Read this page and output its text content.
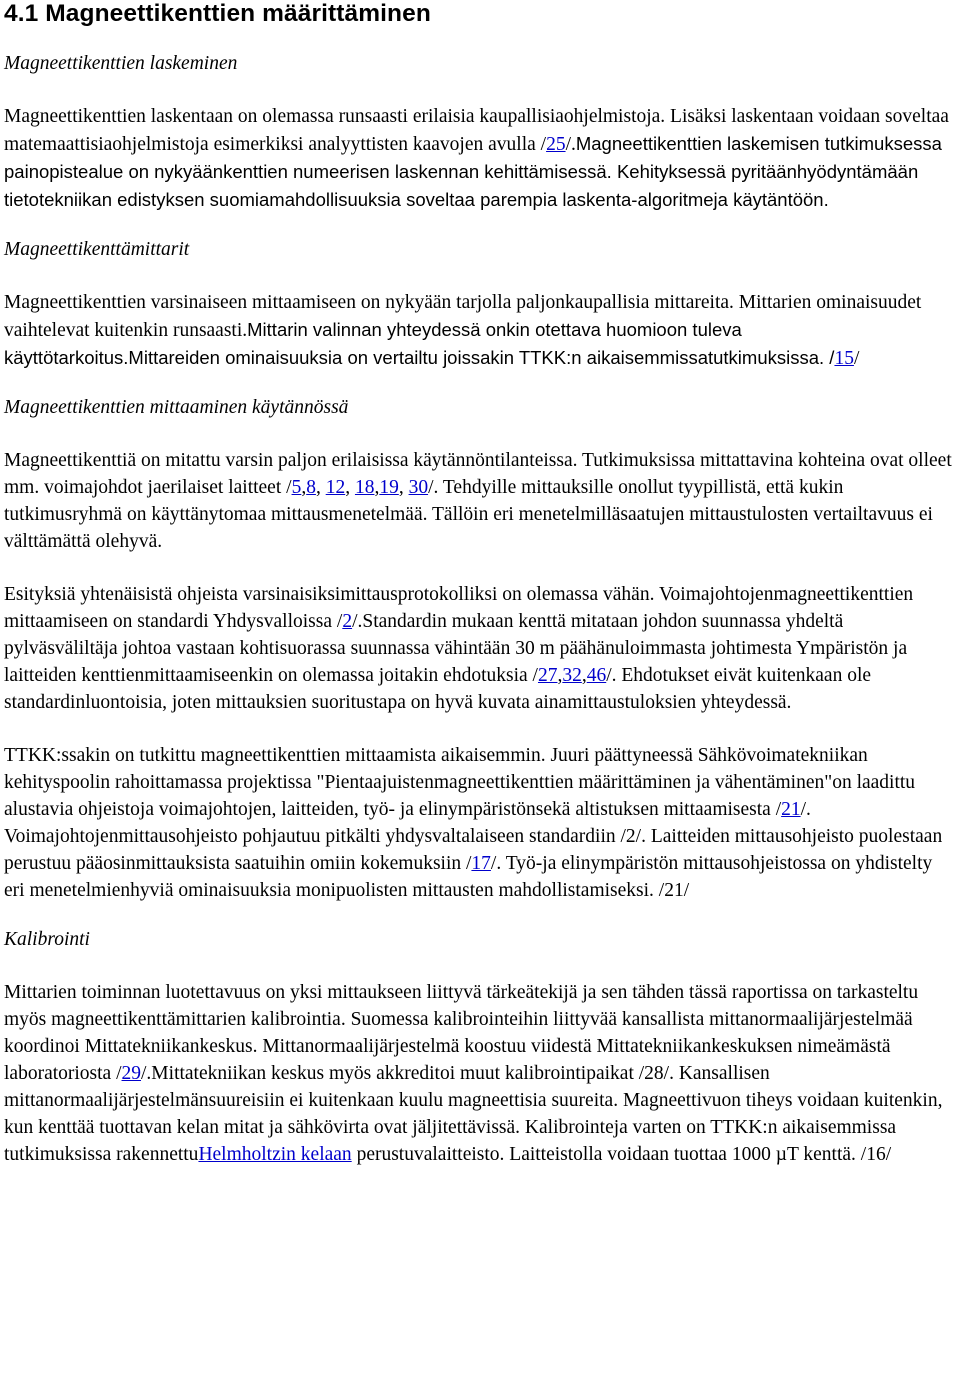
4.1 Magneettikenttien määrittäminen
Magneettikenttien laskeminen

Magneettikenttien laskentaan on olemassa runsaasti erilaisia kaupallisiaohjelmistoja. Lisäksi laskentaan voidaan soveltaa matemaattisiaohjelmistoja esimerkiksi analyyttisten kaavojen avulla /25/.Magneettikenttien laskemisen tutkimuksessa painopistealue on nykyäänkenttien numeerisen laskennan kehittämisessä. Kehityksessä pyritäänhyödyntämään tietotekniikan edistyksen suomiamahdollisuuksia soveltaa parempia laskenta-algoritmeja käytäntöön.

Magneettikenttämittarit

Magneettikenttien varsinaiseen mittaamiseen on nykyään tarjolla paljonkaupallisia mittareita. Mittarien ominaisuudet vaihtelevat kuitenkin runsaasti.Mittarin valinnan yhteydessä onkin otettava huomioon tuleva käyttötarkoitus.Mittareiden ominaisuuksia on vertailtu joissakin TTKK:n aikaisemmissatutkimuksissa. /15/

Magneettikenttien mittaaminen käytännössä

Magneettikenttiä on mitattu varsin paljon erilaisissa käytännöntilanteissa. Tutkimuksissa mittattavina kohteina ovat olleet mm. voimajohdot jaerilaiset laitteet /5,8, 12, 18,19, 30/. Tehdyille mittauksille onollut tyypillistä, että kukin tutkimusryhmä on käyttänytomaa mittausmenetelmää. Tällöin eri menetelmilläsaatujen mittaustulosten vertailtavuus ei välttämättä olehyvä.

Esityksiä yhtenäisistä ohjeista varsinaisiksimittausprotokolliksi on olemassa vähän. Voimajohtojenmagneettikenttien mittaamiseen on standardi Yhdysvalloissa /2/.Standardin mukaan kenttä mitataan johdon suunnassa yhdeltä pylväsväliltäja johtoa vastaan kohtisuorassa suunnassa vähintään 30 m päähänuloimmasta johtimesta Ympäristön ja laitteiden kenttienmittaamiseenkin on olemassa joitakin ehdotuksia /27,32,46/. Ehdotukset eivät kuitenkaan ole standardinluontoisia, joten mittauksien suoritustapa on hyvä kuvata ainamittaustuloksien yhteydessä.

TTKK:ssakin on tutkittu magneettikenttien mittaamista aikaisemmin. Juuri päättyneessä Sähkövoimatekniikan kehityspoolin rahoittamassa projektissa "Pientaajuistenmagneettikenttien määrittäminen ja vähentäminen"on laadittu alustavia ohjeistoja voimajohtojen, laitteiden, työ- ja elinympäristönsekä altistuksen mittaamisesta /21/. Voimajohtojenmittausohjeisto pohjautuu pitkälti yhdysvaltalaiseen standardiin /2/. Laitteiden mittausohjeisto puolestaan perustuu pääosinmittauksista saatuihin omiin kokemuksiin /17/. Työ-ja elinympäristön mittausohjeistossa on yhdistelty eri menetelmienhyviä ominaisuuksia monipuolisten mittausten mahdollistamiseksi. /21/

Kalibrointi

Mittarien toiminnan luotettavuus on yksi mittaukseen liittyvä tärkeätekijä ja sen tähden tässä raportissa on tarkasteltu myös magneettikenttämittarien kalibrointia. Suomessa kalibrointeihin liittyvää kansallista mittanormaalijärjestelmää koordinoi Mittatekniikankeskus. Mittanormaalijärjestelmä koostuu viidestä Mittatekniikankeskuksen nimeämästä laboratoriosta /29/.Mittatekniikan keskus myös akkreditoi muut kalibrointipaikat /28/. Kansallisen mittanormaalijärjestelmänsuureisiin ei kuitenkaan kuulu magneettisia suureita. Magneettivuon tiheys voidaan kuitenkin, kun kenttää tuottavan kelan mitat ja sähkövirta ovat jäljitettävissä. Kalibrointeja varten on TTKK:n aikaisemmissa tutkimuksissa rakennettuHelmholtzin kelaan perustuvalaitteisto. Laitteistolla voidaan tuottaa 1000 µT kenttä. /16/
